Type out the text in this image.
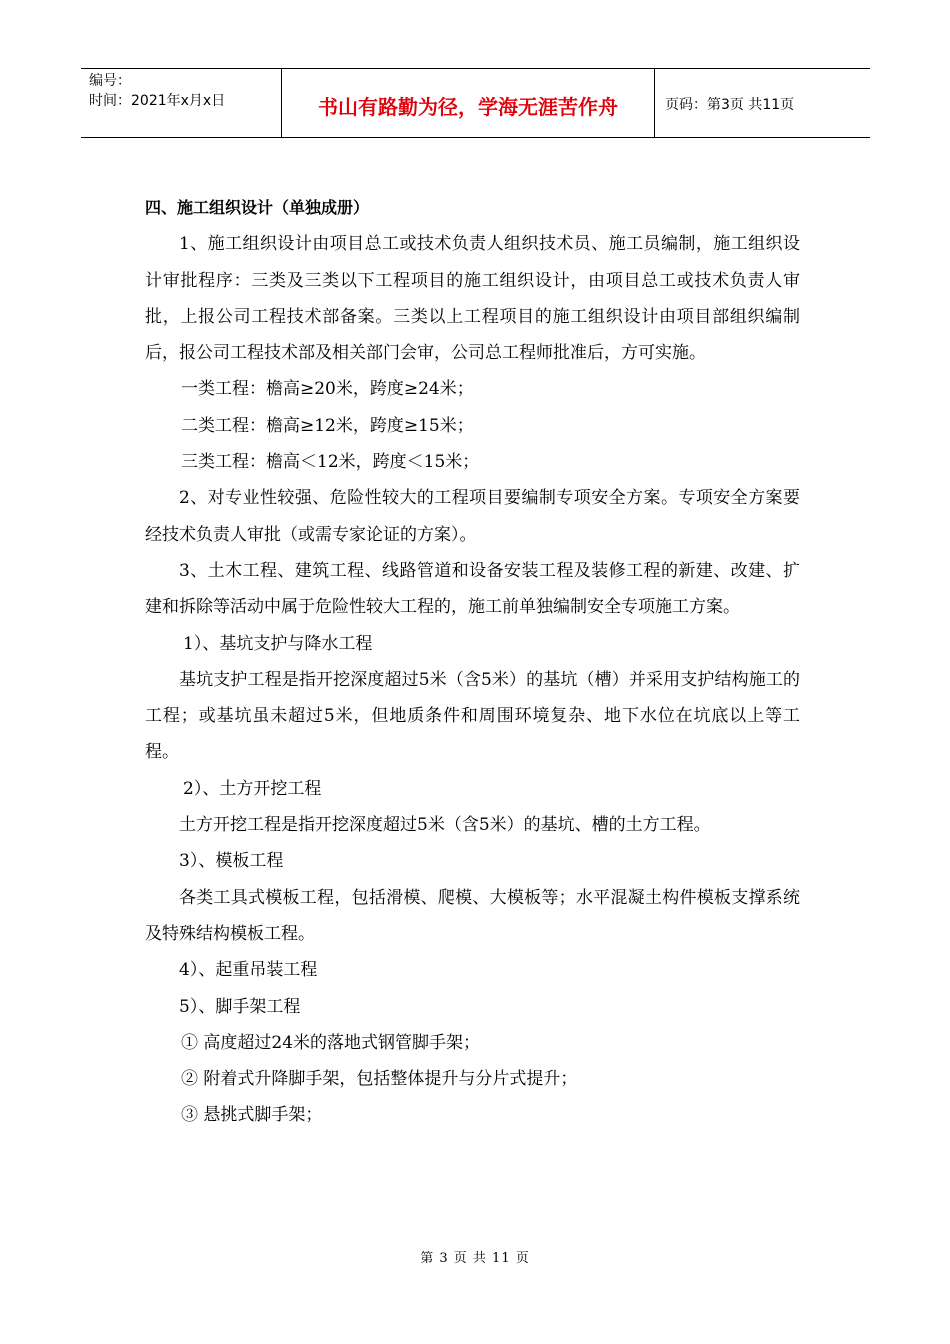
编号：
时间：2021年x月x日	书山有路勤为径，学海无涯苦作舟	页码：第3页 共11页

四、施工组织设计（单独成册）

1、施工组织设计由项目总工或技术负责人组织技术员、施工员编制，施工组织设计审批程序：三类及三类以下工程项目的施工组织设计，由项目总工或技术负责人审批，上报公司工程技术部备案。三类以上工程项目的施工组织设计由项目部组织编制后，报公司工程技术部及相关部门会审，公司总工程师批准后，方可实施。

一类工程：檐高≥20米，跨度≥24米；

二类工程：檐高≥12米，跨度≥15米；

三类工程：檐高＜12米，跨度＜15米；

2、对专业性较强、危险性较大的工程项目要编制专项安全方案。专项安全方案要经技术负责人审批（或需专家论证的方案）。

3、土木工程、建筑工程、线路管道和设备安装工程及装修工程的新建、改建、扩建和拆除等活动中属于危险性较大工程的，施工前单独编制安全专项施工方案。

1）、基坑支护与降水工程

基坑支护工程是指开挖深度超过5米（含5米）的基坑（槽）并采用支护结构施工的工程；或基坑虽未超过5米，但地质条件和周围环境复杂、地下水位在坑底以上等工程。

2）、土方开挖工程

土方开挖工程是指开挖深度超过5米（含5米）的基坑、槽的土方工程。

3）、模板工程

各类工具式模板工程，包括滑模、爬模、大模板等；水平混凝土构件模板支撑系统及特殊结构模板工程。

4）、起重吊装工程

5）、脚手架工程

① 高度超过24米的落地式钢管脚手架；

② 附着式升降脚手架，包括整体提升与分片式提升；

③ 悬挑式脚手架；

第 3 页 共 11 页
